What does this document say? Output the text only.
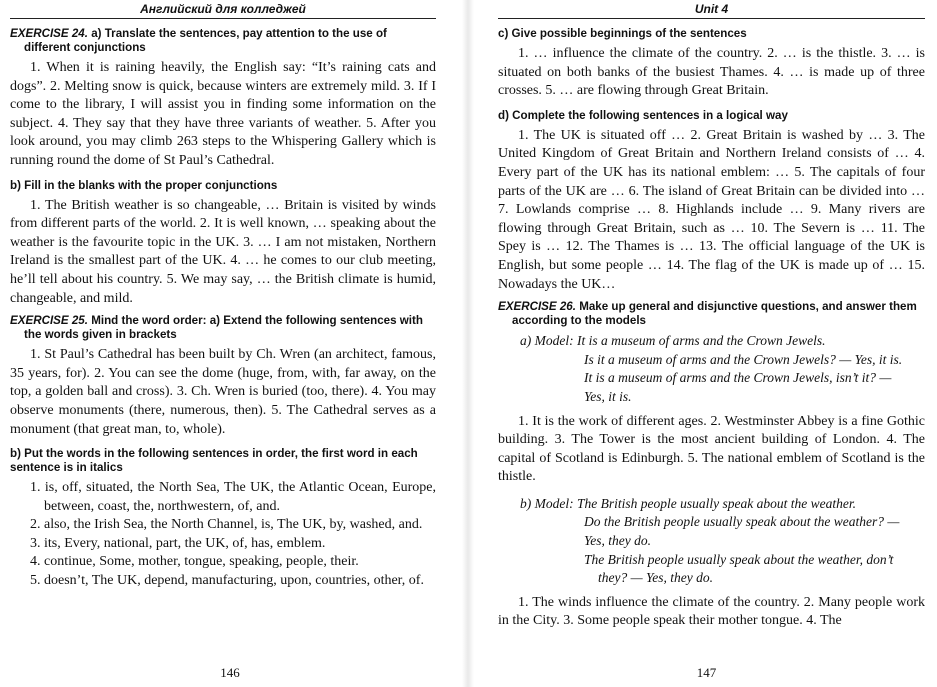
Английский для колледжей
EXERCISE 24. a) Translate the sentences, pay attention to the use of different conjunctions

1. When it is raining heavily, the English say: “It’s raining cats and dogs”. 2. Melting snow is quick, because winters are extremely mild. 3. If I come to the library, I will assist you in finding some information on the subject. 4. They say that they have three variants of weather. 5. After you look around, you may climb 263 steps to the Whispering Gallery which is running round the dome of St Paul’s Cathedral.

b) Fill in the blanks with the proper conjunctions

1. The British weather is so changeable, … Britain is visited by winds from different parts of the world. 2. It is well known, … speaking about the weather is the favourite topic in the UK. 3. … I am not mistaken, Northern Ireland is the smallest part of the UK. 4. … he comes to our club meeting, he’ll tell about his country. 5. We may say, … the British climate is humid, changeable, and mild.

EXERCISE 25. Mind the word order: a) Extend the following sentences with the words given in brackets

1. St Paul’s Cathedral has been built by Ch. Wren (an architect, famous, 35 years, for). 2. You can see the dome (huge, from, with, far away, on the top, a golden ball and cross). 3. Ch. Wren is buried (too, there). 4. You may observe monuments (there, numerous, then). 5. The Cathedral serves as a monument (that great man, to, whole).

b) Put the words in the following sentences in order, the first word in each sentence is in italics
1. is, off, situated, the North Sea, The UK, the Atlantic Ocean, Europe, between, coast, the, northwestern, of, and.
2. also, the Irish Sea, the North Channel, is, The UK, by, washed, and.
3. its, Every, national, part, the UK, of, has, emblem.
4. continue, Some, mother, tongue, speaking, people, their.
5. doesn’t, The UK, depend, manufacturing, upon, countries, other, of.
146
Unit 4
c) Give possible beginnings of the sentences

1. … influence the climate of the country. 2. … is the thistle. 3. … is situated on both banks of the busiest Thames. 4. … is made up of three crosses. 5. … are flowing through Great Britain.

d) Complete the following sentences in a logical way

1. The UK is situated off … 2. Great Britain is washed by … 3. The United Kingdom of Great Britain and Northern Ireland consists of … 4. Every part of the UK has its national emblem: … 5. The capitals of four parts of the UK are … 6. The island of Great Britain can be divided into … 7. Lowlands comprise … 8. Highlands include … 9. Many rivers are flowing through Great Britain, such as … 10. The Severn is … 11. The Spey is … 12. The Thames is … 13. The official language of the UK is English, but some people … 14. The flag of the UK is made up of … 15. Nowadays the UK…

EXERCISE 26. Make up general and disjunctive questions, and answer them according to the models
a) Model: It is a museum of arms and the Crown Jewels.
Is it a museum of arms and the Crown Jewels? — Yes, it is.
It is a museum of arms and the Crown Jewels, isn’t it? —
Yes, it is.

1. It is the work of different ages. 2. Westminster Abbey is a fine Gothic building. 3. The Tower is the most ancient building of London. 4. The capital of Scotland is Edinburgh. 5. The national emblem of Scotland is the thistle.

b) Model: The British people usually speak about the weather.
Do the British people usually speak about the weather? —
Yes, they do.
The British people usually speak about the weather, don’t
they? — Yes, they do.

1. The winds influence the climate of the country. 2. Many people work in the City. 3. Some people speak their mother tongue. 4. The

147
